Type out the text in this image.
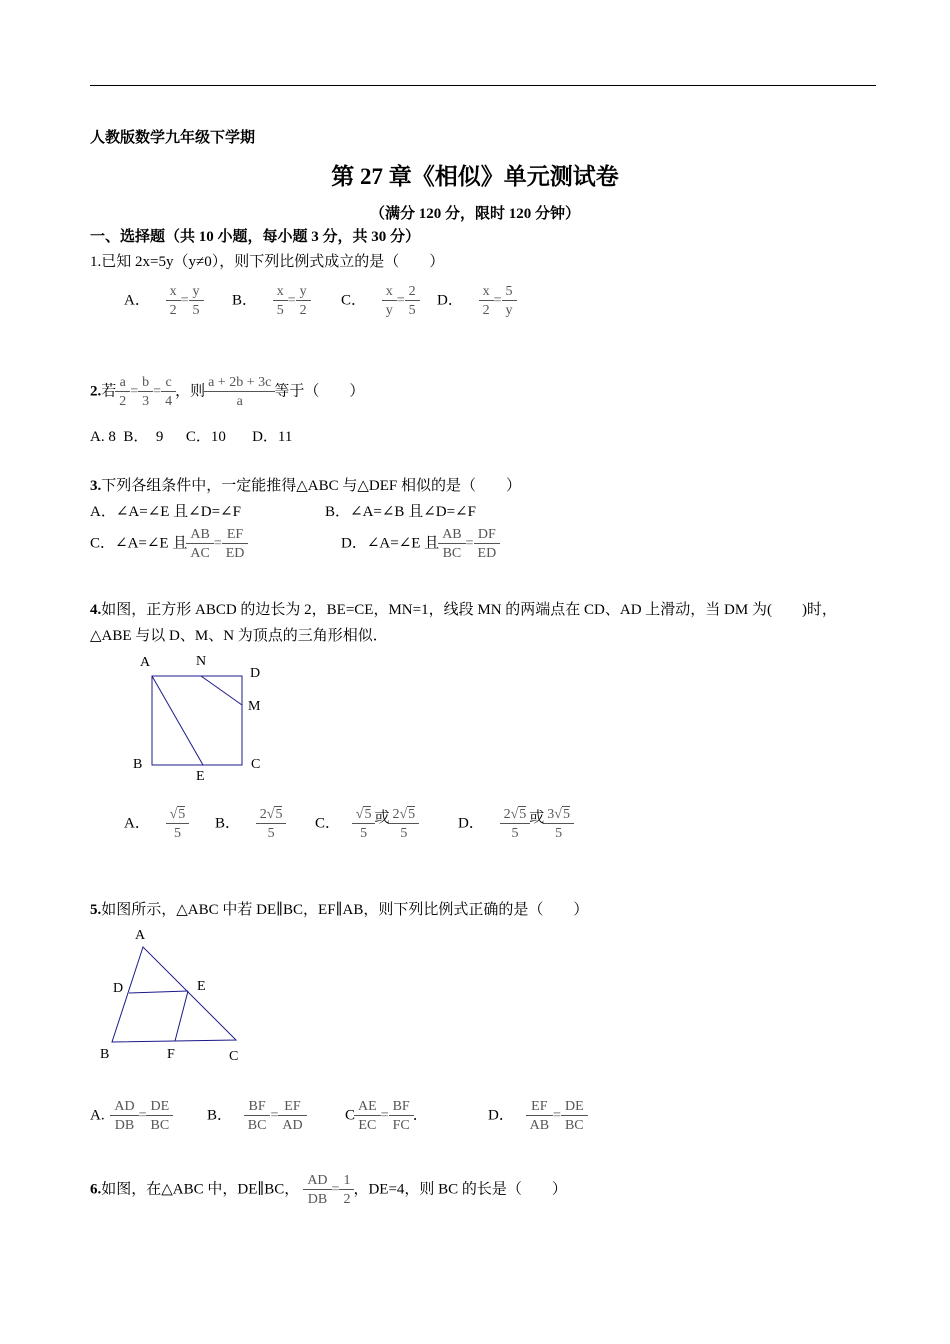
人教版数学九年级下学期
第 27 章《相似》单元测试卷
（满分 120 分，限时 120 分钟）
一、选择题（共 10 小题，每小题 3 分，共 30 分）
1.已知 2x=5y（y≠0），则下列比例式成立的是（　　）
A． $\frac{x}{2} = \frac{y}{5}$ B． $\frac{x}{5} = \frac{y}{2}$ C． $\frac{x}{y} = \frac{2}{5}$ D． $\frac{x}{2} = \frac{5}{y}$
2.若 $\frac{a}{2} = \frac{b}{3} = \frac{c}{4}$ ，则 $\frac{a + 2b + 3c}{a}$ 等于（　　）
A. 8  B．  9      C．10       D．11
3.下列各组条件中，一定能推得△ABC 与△DEF 相似的是（　　）
A．∠A=∠E 且∠D=∠F	B．∠A=∠B 且∠D=∠F
C．∠A=∠E 且 $\frac{AB}{AC} = \frac{EF}{ED}$	D．∠A=∠E 且 $\frac{AB}{BC} = \frac{DF}{ED}$
4.如图，正方形 ABCD 的边长为 2，BE=CE，MN=1，线段 MN 的两端点在 CD、AD 上滑动，当 DM 为(　　)时，
△ABE 与以 D、M、N 为顶点的三角形相似．
A	N
D
M
B
E
C
A． $\frac{√5}{5}$ B． $\frac{2√5}{5}$ C． $\frac{√5}{5}$ 或 $\frac{2√5}{5}$	D． $\frac{2√5}{5}$ 或 $\frac{3√5}{5}$
5.如图所示，△ABC 中若 DE∥BC，EF∥AB，则下列比例式正确的是（　　）
A
D	E
B	F	C
A. $\frac{AD}{DB} = \frac{DE}{BC}$ B． $\frac{BF}{BC} = \frac{EF}{AD}$	C $\frac{AE}{EC} = \frac{BF}{FC}$ ．	D． $\frac{EF}{AB} = \frac{DE}{BC}$
6.如图，在△ABC 中，DE∥BC， $\frac{AD}{DB} = \frac{1}{2}$ ，DE=4，则 BC 的长是（　　）
